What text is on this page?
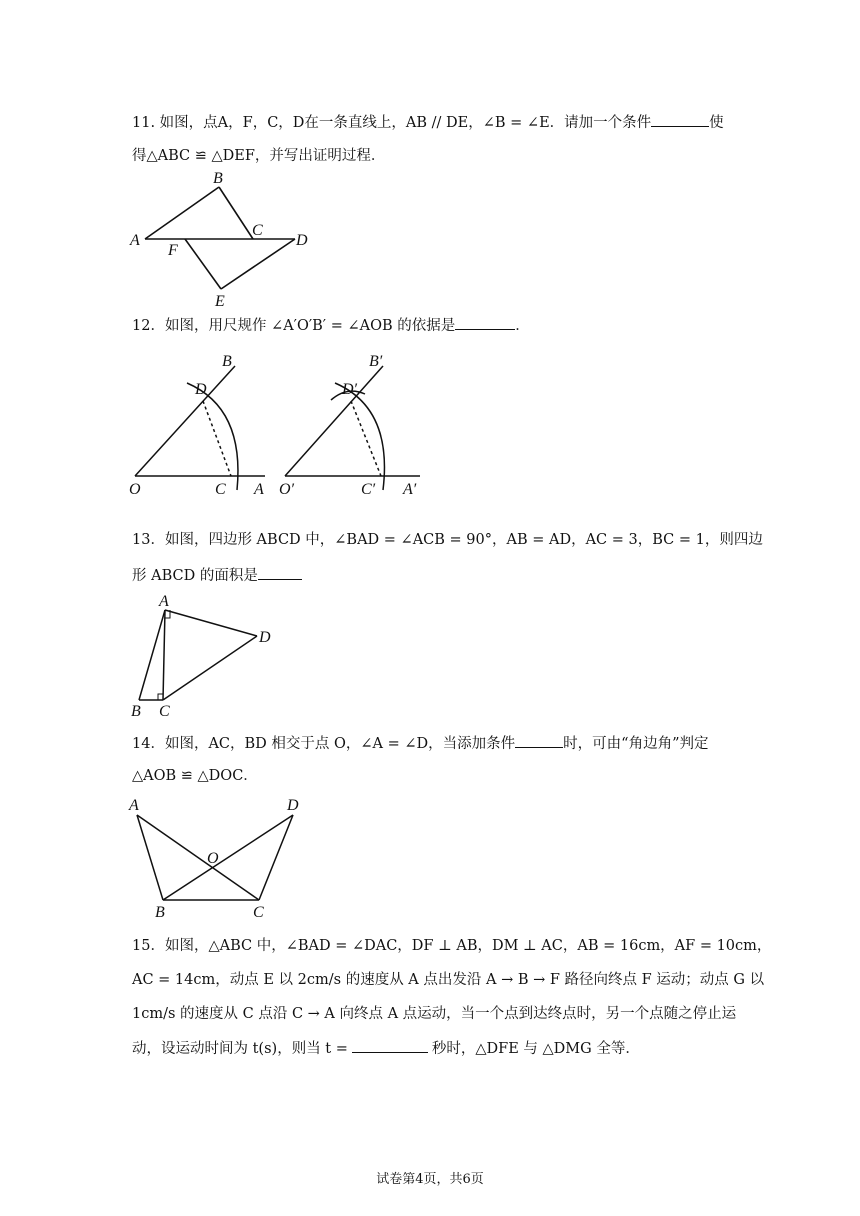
11. 如图，点A，F，C，D在一条直线上，AB // DE，∠B = ∠E．请加一个条件	使
得△ABC ≌ △DEF，并写出证明过程．
A
B
C
D
F
E
12．如图，用尺规作 ∠A′O′B′ = ∠AOB 的依据是	．
B
D
O	C A
B′
D′
O′	C′ A′
13．如图，四边形 ABCD 中，∠BAD = ∠ACB = 90°，AB = AD，AC = 3，BC = 1，则四边
形 ABCD 的面积是
A
B C
D
14．如图，AC，BD 相交于点 O，∠A = ∠D，当添加条件	时，可由“角边角”判定
△AOB ≌ △DOC．
A	D
O
B	C
15．如图，△ABC 中，∠BAD = ∠DAC，DF ⊥ AB，DM ⊥ AC，AB = 16cm，AF = 10cm，
AC = 14cm，动点 E 以 2cm/s 的速度从 A 点出发沿 A → B → F 路径向终点 F 运动；动点 G 以
1cm/s 的速度从 C 点沿 C → A 向终点 A 点运动，当一个点到达终点时，另一个点随之停止运
动，设运动时间为 t(s)，则当 t =	秒时，△DFE 与 △DMG 全等．
试卷第4页，共6页
